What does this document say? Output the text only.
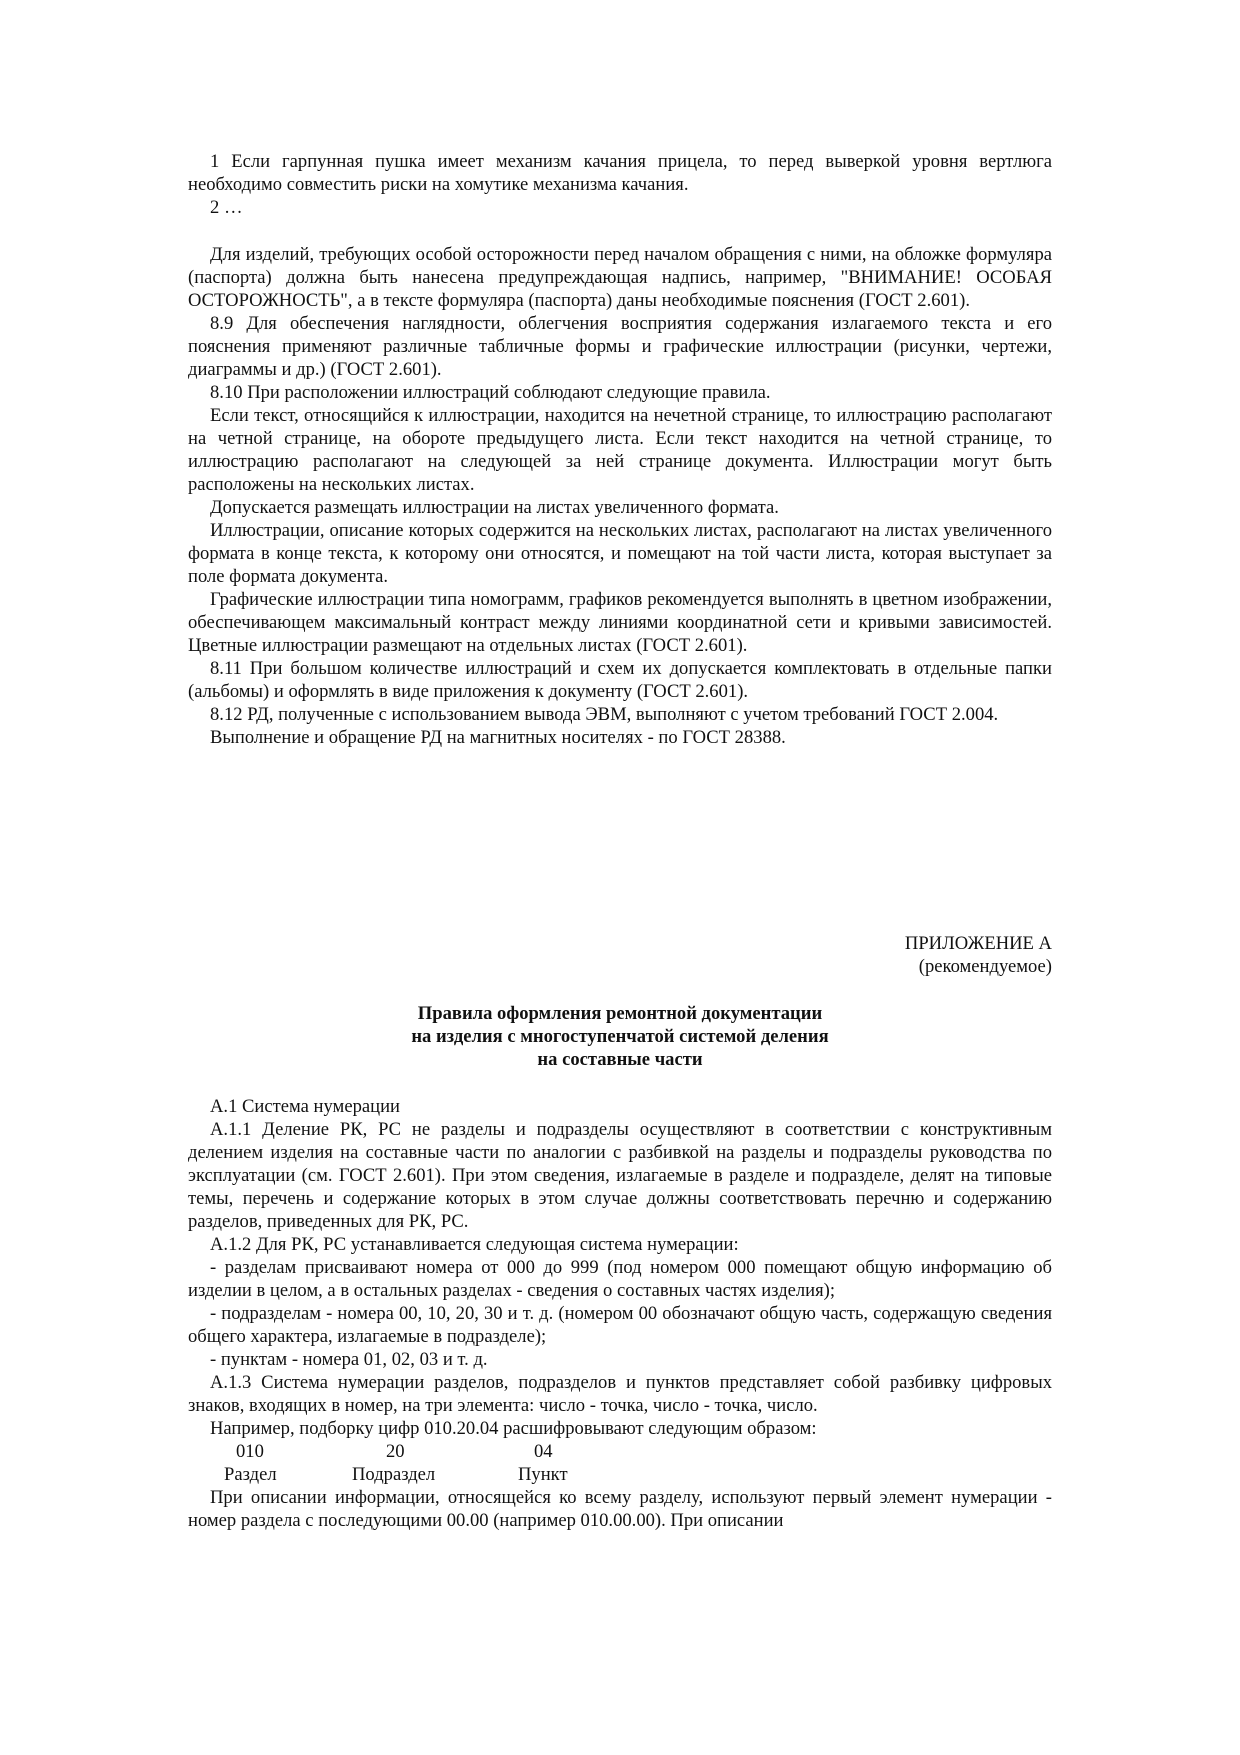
1 Если гарпунная пушка имеет механизм качания прицела, то перед выверкой уровня вертлюга необходимо совместить риски на хомутике механизма качания.

2 …

Для изделий, требующих особой осторожности перед началом обращения с ними, на обложке формуляра (паспорта) должна быть нанесена предупреждающая надпись, например, "ВНИМАНИЕ! ОСОБАЯ ОСТОРОЖНОСТЬ", а в тексте формуляра (паспорта) даны необходимые пояснения (ГОСТ 2.601).

8.9 Для обеспечения наглядности, облегчения восприятия содержания излагаемого текста и его пояснения применяют различные табличные формы и графические иллюстрации (рисунки, чертежи, диаграммы и др.) (ГОСТ 2.601).

8.10 При расположении иллюстраций соблюдают следующие правила.

Если текст, относящийся к иллюстрации, находится на нечетной странице, то иллюстрацию располагают на четной странице, на обороте предыдущего листа. Если текст находится на четной странице, то иллюстрацию располагают на следующей за ней странице документа. Иллюстрации могут быть расположены на нескольких листах.

Допускается размещать иллюстрации на листах увеличенного формата.

Иллюстрации, описание которых содержится на нескольких листах, располагают на листах увеличенного формата в конце текста, к которому они относятся, и помещают на той части листа, которая выступает за поле формата документа.

Графические иллюстрации типа номограмм, графиков рекомендуется выполнять в цветном изображении, обеспечивающем максимальный контраст между линиями координатной сети и кривыми зависимостей. Цветные иллюстрации размещают на отдельных листах (ГОСТ 2.601).

8.11 При большом количестве иллюстраций и схем их допускается комплектовать в отдельные папки (альбомы) и оформлять в виде приложения к документу (ГОСТ 2.601).

8.12 РД, полученные с использованием вывода ЭВМ, выполняют с учетом требований ГОСТ 2.004.

Выполнение и обращение РД на магнитных носителях - по ГОСТ 28388.

ПРИЛОЖЕНИЕ А

(рекомендуемое)

Правила оформления ремонтной документации

на изделия с многоступенчатой системой деления

на составные части

А.1 Система нумерации

А.1.1 Деление РК, РС не разделы и подразделы осуществляют в соответствии с конструктивным делением изделия на составные части по аналогии с разбивкой на разделы и подразделы руководства по эксплуатации (см. ГОСТ 2.601). При этом сведения, излагаемые в разделе и подразделе, делят на типовые темы, перечень и содержание которых в этом случае должны соответствовать перечню и содержанию разделов, приведенных для РК, РС.

А.1.2 Для РК, РС устанавливается следующая система нумерации:

- разделам присваивают номера от 000 до 999 (под номером 000 помещают общую информацию об изделии в целом, а в остальных разделах - сведения о составных частях изделия);

- подразделам - номера 00, 10, 20, 30 и т. д. (номером 00 обозначают общую часть, содержащую сведения общего характера, излагаемые в подразделе);

- пунктам - номера 01, 02, 03 и т. д.

А.1.3 Система нумерации разделов, подразделов и пунктов представляет собой разбивку цифровых знаков, входящих в номер, на три элемента: число - точка, число - точка, число.

Например, подборку цифр 010.20.04 расшифровывают следующим образом:

010	20	04
Раздел	Подраздел	Пункт

При описании информации, относящейся ко всему разделу, используют первый элемент нумерации - номер раздела с последующими 00.00 (например 010.00.00). При описании
